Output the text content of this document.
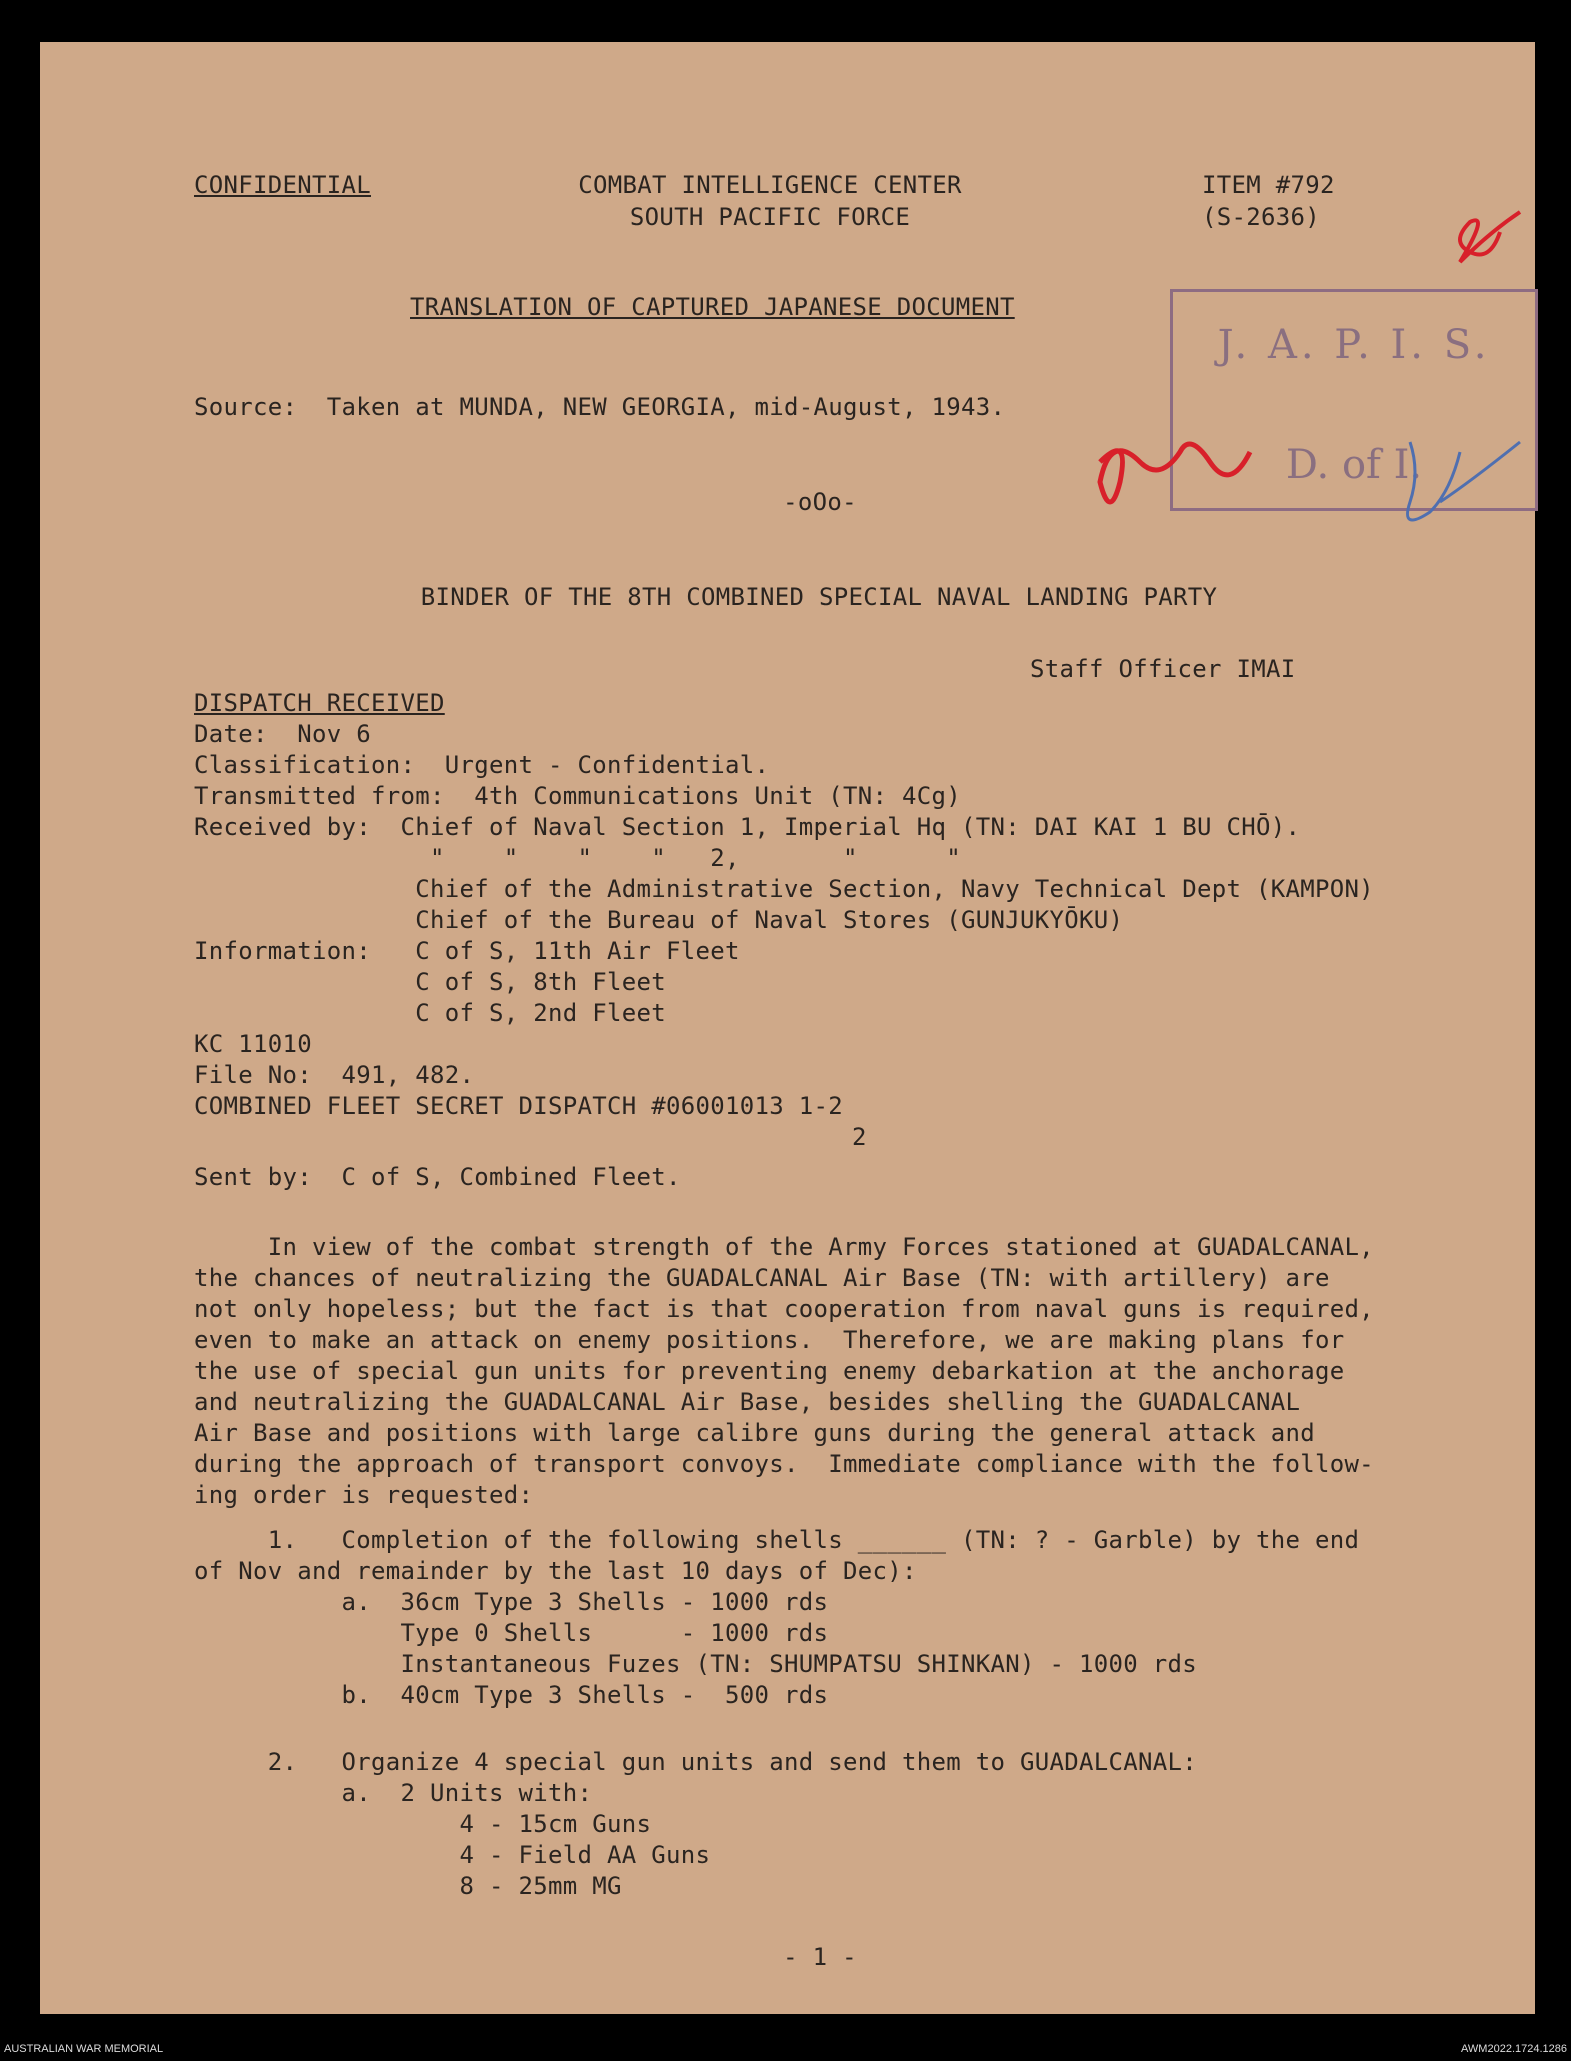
CONFIDENTIAL	COMBAT INTELLIGENCE CENTER
SOUTH PACIFIC FORCE
ITEM #792
(S-2636)
J. A. P. I. S.
D. of I.
TRANSLATION OF CAPTURED JAPANESE DOCUMENT
Source:  Taken at MUNDA, NEW GEORGIA, mid-August, 1943.
-oOo-
BINDER OF THE 8TH COMBINED SPECIAL NAVAL LANDING PARTY
Staff Officer IMAI
DISPATCH RECEIVED
Date:  Nov 6
Classification:  Urgent - Confidential.
Transmitted from:  4th Communications Unit (TN: 4Cg)
Received by:  Chief of Naval Section 1, Imperial Hq (TN: DAI KAI 1 BU CHŌ).
"    "    "    "   2,       "      "
Chief of the Administrative Section, Navy Technical Dept (KAMPON)
Chief of the Bureau of Naval Stores (GUNJUKYŌKU)
Information:   C of S, 11th Air Fleet
C of S, 8th Fleet
C of S, 2nd Fleet
KC 11010
File No:  491, 482.
COMBINED FLEET SECRET DISPATCH #06001013 1-2
2
Sent by:  C of S, Combined Fleet.
In view of the combat strength of the Army Forces stationed at GUADALCANAL,
the chances of neutralizing the GUADALCANAL Air Base (TN: with artillery) are
not only hopeless; but the fact is that cooperation from naval guns is required,
even to make an attack on enemy positions.  Therefore, we are making plans for
the use of special gun units for preventing enemy debarkation at the anchorage
and neutralizing the GUADALCANAL Air Base, besides shelling the GUADALCANAL
Air Base and positions with large calibre guns during the general attack and
during the approach of transport convoys.  Immediate compliance with the follow-
ing order is requested:
1.   Completion of the following shells ______ (TN: ? - Garble) by the end
of Nov and remainder by the last 10 days of Dec):
a.  36cm Type 3 Shells - 1000 rds
Type 0 Shells      - 1000 rds
Instantaneous Fuzes (TN: SHUMPATSU SHINKAN) - 1000 rds
b.  40cm Type 3 Shells -  500 rds
2.   Organize 4 special gun units and send them to GUADALCANAL:
a.  2 Units with:
4 - 15cm Guns
4 - Field AA Guns
8 - 25mm MG
- 1 -
AUSTRALIAN WAR MEMORIAL	AWM2022.1724.1286
